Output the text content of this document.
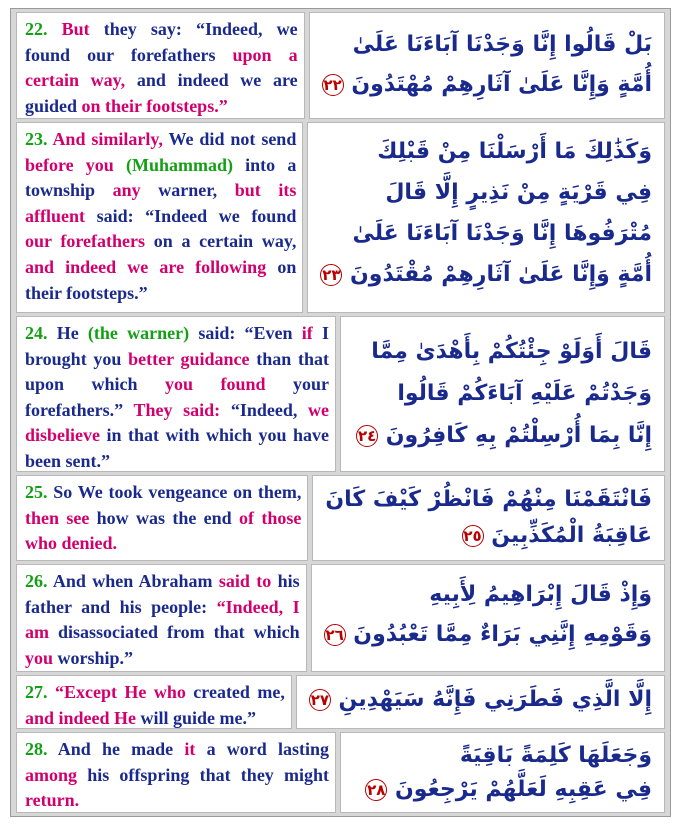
22. But they say: “Indeed, we found our forefathers upon a certain way, and indeed we are guided on their footsteps.”
بَلْ قَالُوا إِنَّا وَجَدْنَا آبَاءَنَا عَلَىٰ
أُمَّةٍ وَإِنَّا عَلَىٰ آثَارِهِمْ مُهْتَدُونَ ٢٢
23. And similarly, We did not send before you (Muhammad) into a township any warner, but its affluent said: “Indeed we found our forefathers on a certain way, and indeed we are following on their footsteps.”
وَكَذَٰلِكَ مَا أَرْسَلْنَا مِنْ قَبْلِكَ
فِي قَرْيَةٍ مِنْ نَذِيرٍ إِلَّا قَالَ
مُتْرَفُوهَا إِنَّا وَجَدْنَا آبَاءَنَا عَلَىٰ
أُمَّةٍ وَإِنَّا عَلَىٰ آثَارِهِمْ مُقْتَدُونَ ٢٣
24. He (the warner) said: “Even if I brought you better guidance than that upon which you found your forefathers.” They said: “Indeed, we disbelieve in that with which you have been sent.”
قَالَ أَوَلَوْ جِئْتُكُمْ بِأَهْدَىٰ مِمَّا
وَجَدْتُمْ عَلَيْهِ آبَاءَكُمْ قَالُوا
إِنَّا بِمَا أُرْسِلْتُمْ بِهِ كَافِرُونَ ٢٤
25. So We took vengeance on them, then see how was the end of those who denied.
فَانْتَقَمْنَا مِنْهُمْ فَانْظُرْ كَيْفَ كَانَ
عَاقِبَةُ الْمُكَذِّبِينَ ٢٥
26. And when Abraham said to his father and his people: “Indeed, I am disassociated from that which you worship.”
وَإِذْ قَالَ إِبْرَاهِيمُ لِأَبِيهِ
وَقَوْمِهِ إِنَّنِي بَرَاءٌ مِمَّا تَعْبُدُونَ ٢٦
27. “Except He who created me, and indeed He will guide me.”
إِلَّا الَّذِي فَطَرَنِي فَإِنَّهُ سَيَهْدِينِ ٢٧
28. And he made it a word lasting among his offspring that they might return.
وَجَعَلَهَا كَلِمَةً بَاقِيَةً
فِي عَقِبِهِ لَعَلَّهُمْ يَرْجِعُونَ ٢٨
